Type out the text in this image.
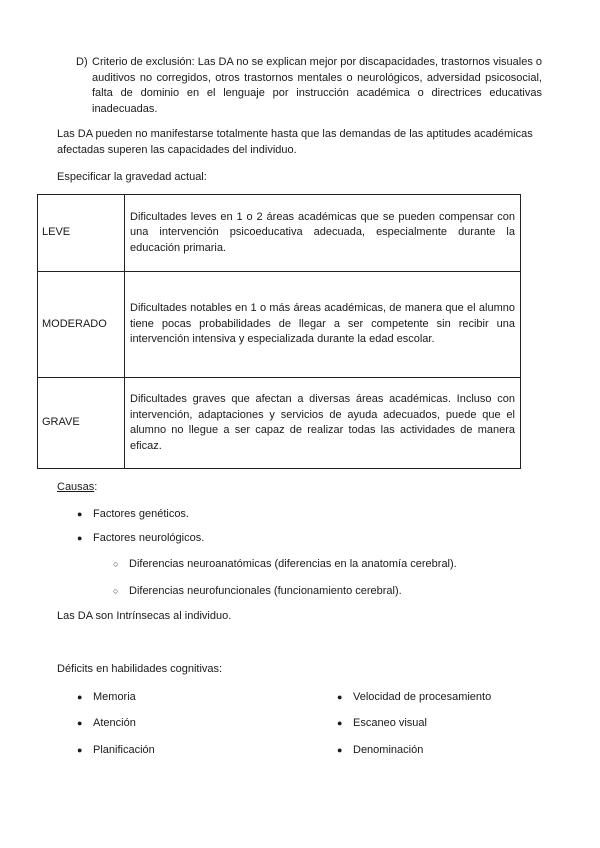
D) Criterio de exclusión: Las DA no se explican mejor por discapacidades, trastornos visuales o auditivos no corregidos, otros trastornos mentales o neurológicos, adversidad psicosocial, falta de dominio en el lenguaje por instrucción académica o directrices educativas inadecuadas.
Las DA pueden no manifestarse totalmente hasta que las demandas de las aptitudes académicas afectadas superen las capacidades del individuo.
Especificar la gravedad actual:
LEVE	Dificultades leves en 1 o 2 áreas académicas que se pueden compensar con una intervención psicoeducativa adecuada, especialmente durante la educación primaria.
MODERADO	Dificultades notables en 1 o más áreas académicas, de manera que el alumno tiene pocas probabilidades de llegar a ser competente sin recibir una intervención intensiva y especializada durante la edad escolar.
GRAVE	Dificultades graves que afectan a diversas áreas académicas. Incluso con intervención, adaptaciones y servicios de ayuda adecuados, puede que el alumno no llegue a ser capaz de realizar todas las actividades de manera eficaz.
Causas:
● Factores genéticos.
● Factores neurológicos.
○ Diferencias neuroanatómicas (diferencias en la anatomía cerebral).
○ Diferencias neurofuncionales (funcionamiento cerebral).
Las DA son Intrínsecas al individuo.
Déficits en habilidades cognitivas:
● Memoria
● Atención
● Planificación
● Velocidad de procesamiento
● Escaneo visual
● Denominación
